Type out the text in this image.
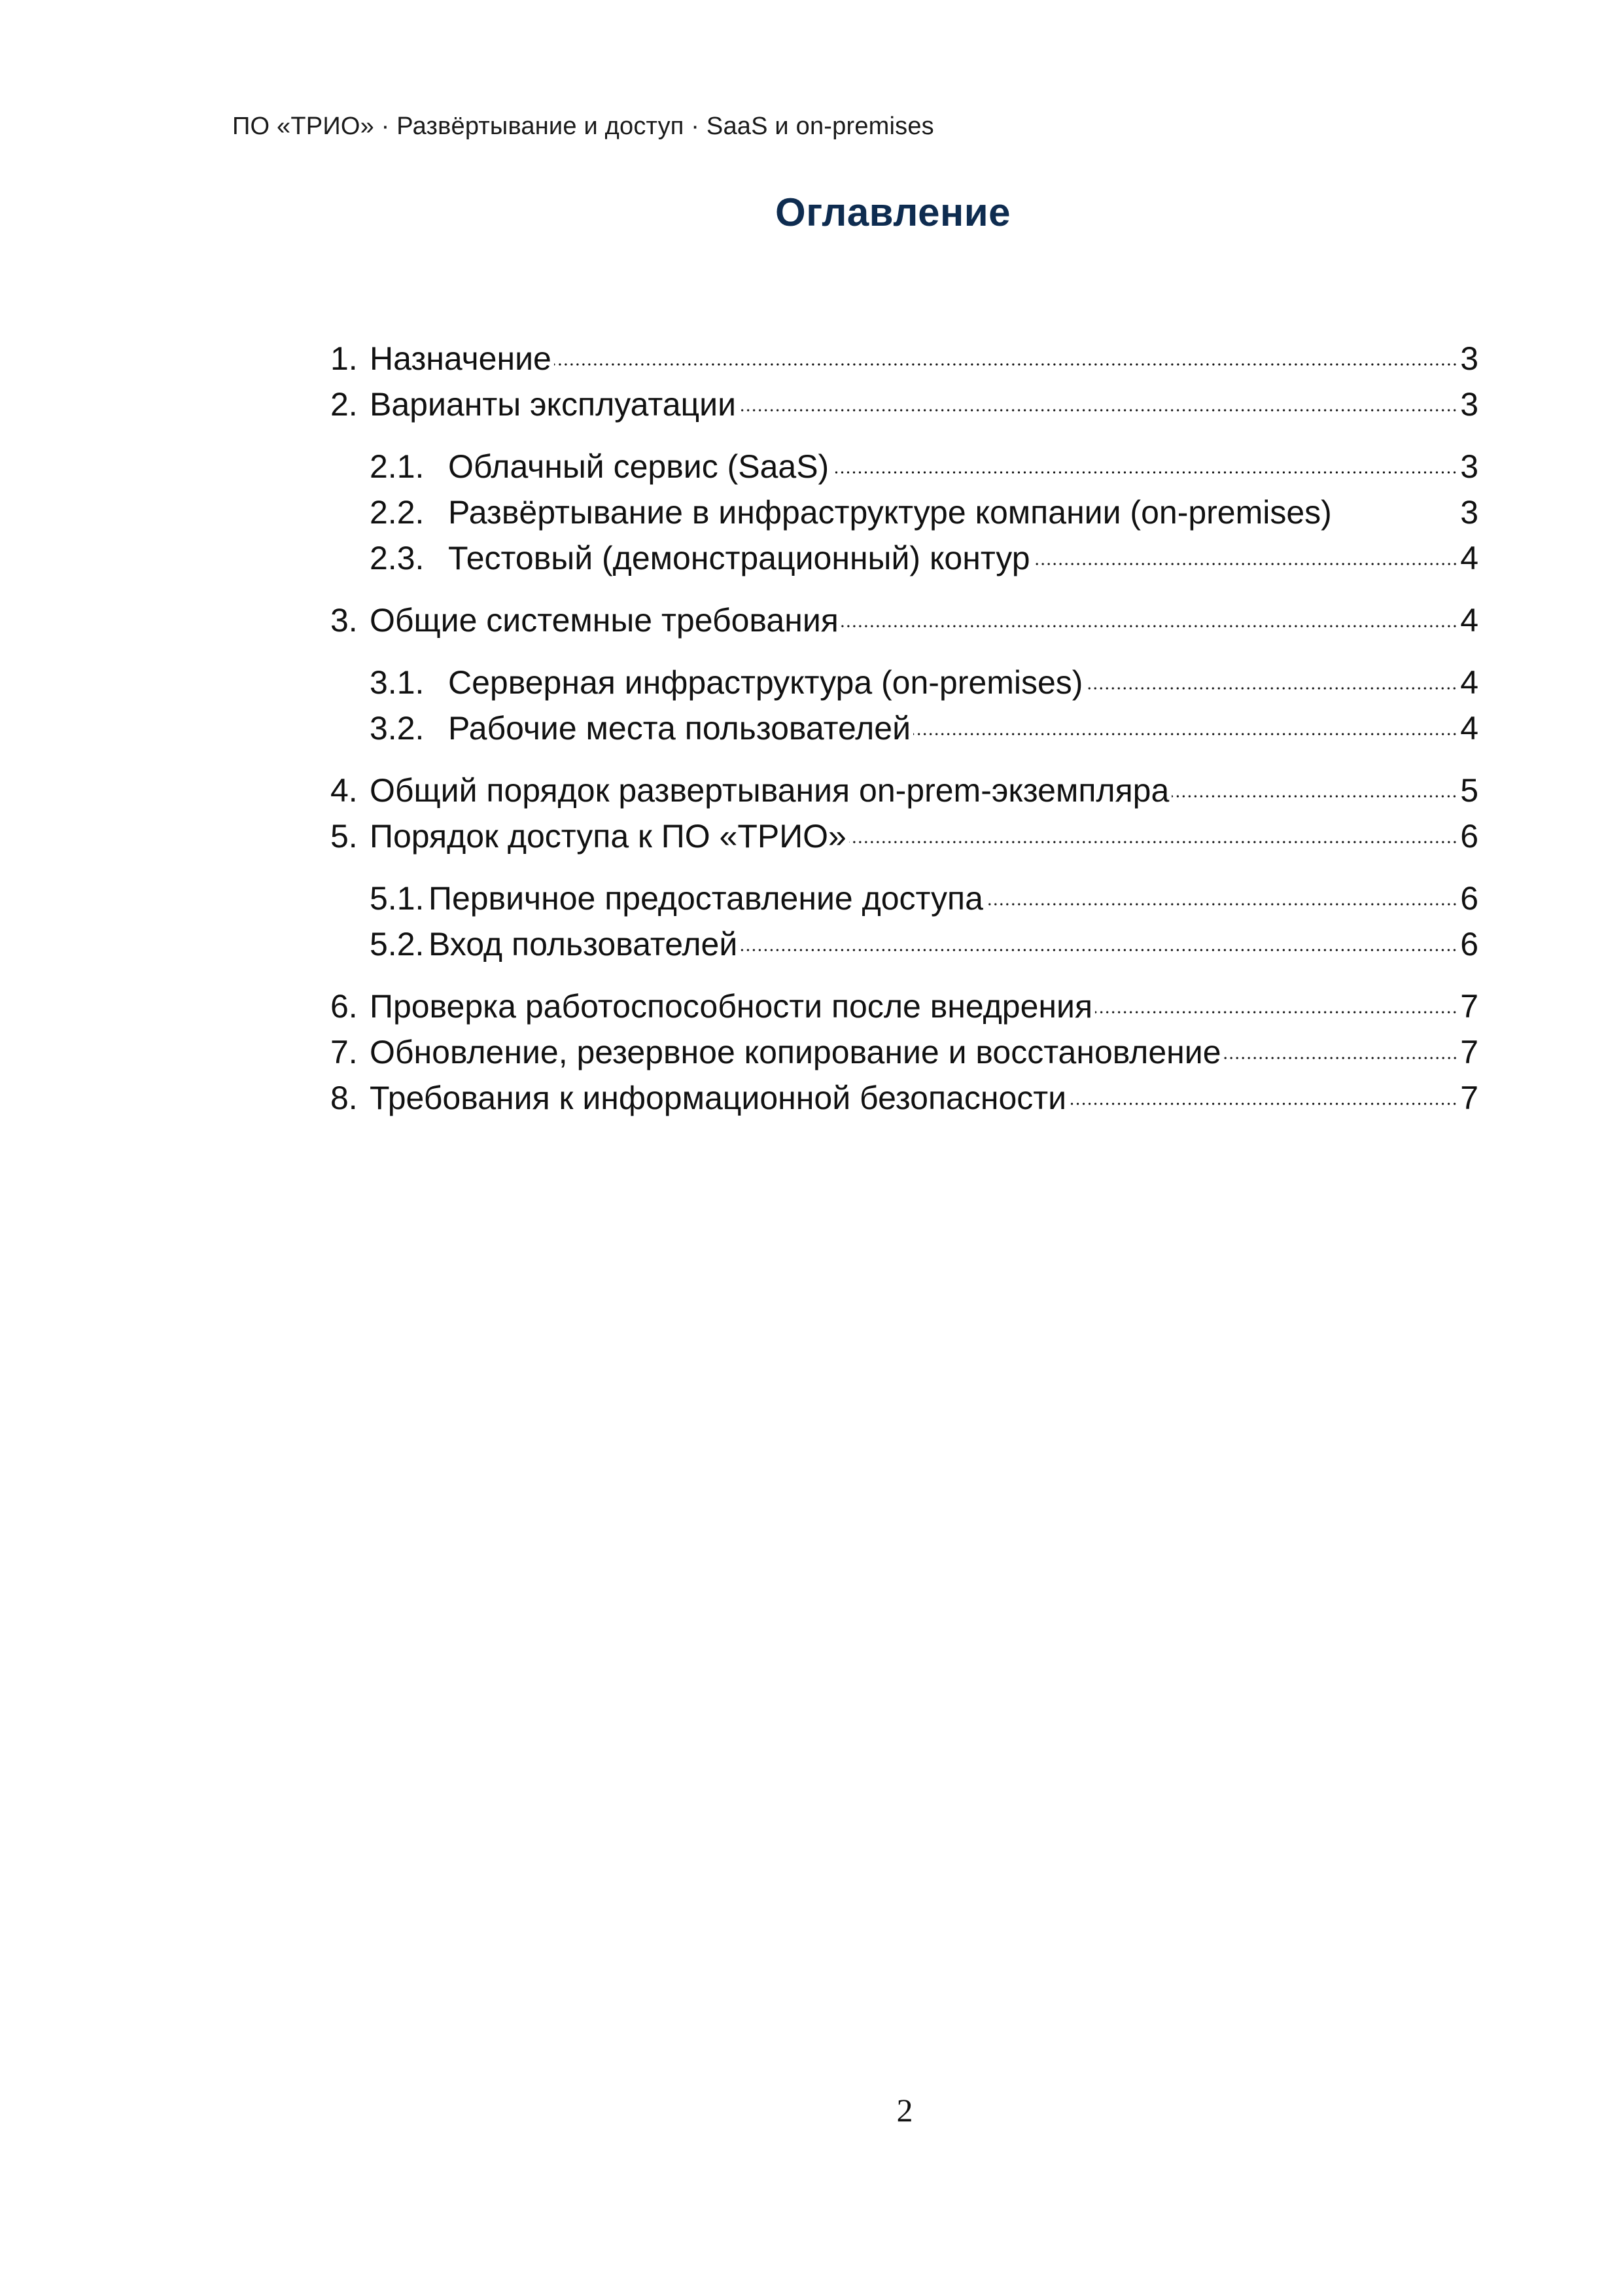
ПО «ТРИО» · Развёртывание и доступ · SaaS и on-premises
Оглавление
1. Назначение	3
2. Варианты эксплуатации	3
2.1. Облачный сервис (SaaS)	3
2.2. Развёртывание в инфраструктуре компании (on-premises)	3
2.3. Тестовый (демонстрационный) контур	4
3. Общие системные требования	4
3.1. Серверная инфраструктура (on-premises)	4
3.2. Рабочие места пользователей	4
4. Общий порядок развертывания on-prem-экземпляра	5
5. Порядок доступа к ПО «ТРИО»	6
5.1. Первичное предоставление доступа	6
5.2. Вход пользователей	6
6. Проверка работоспособности после внедрения	7
7. Обновление, резервное копирование и восстановление	7
8. Требования к информационной безопасности	7
2
